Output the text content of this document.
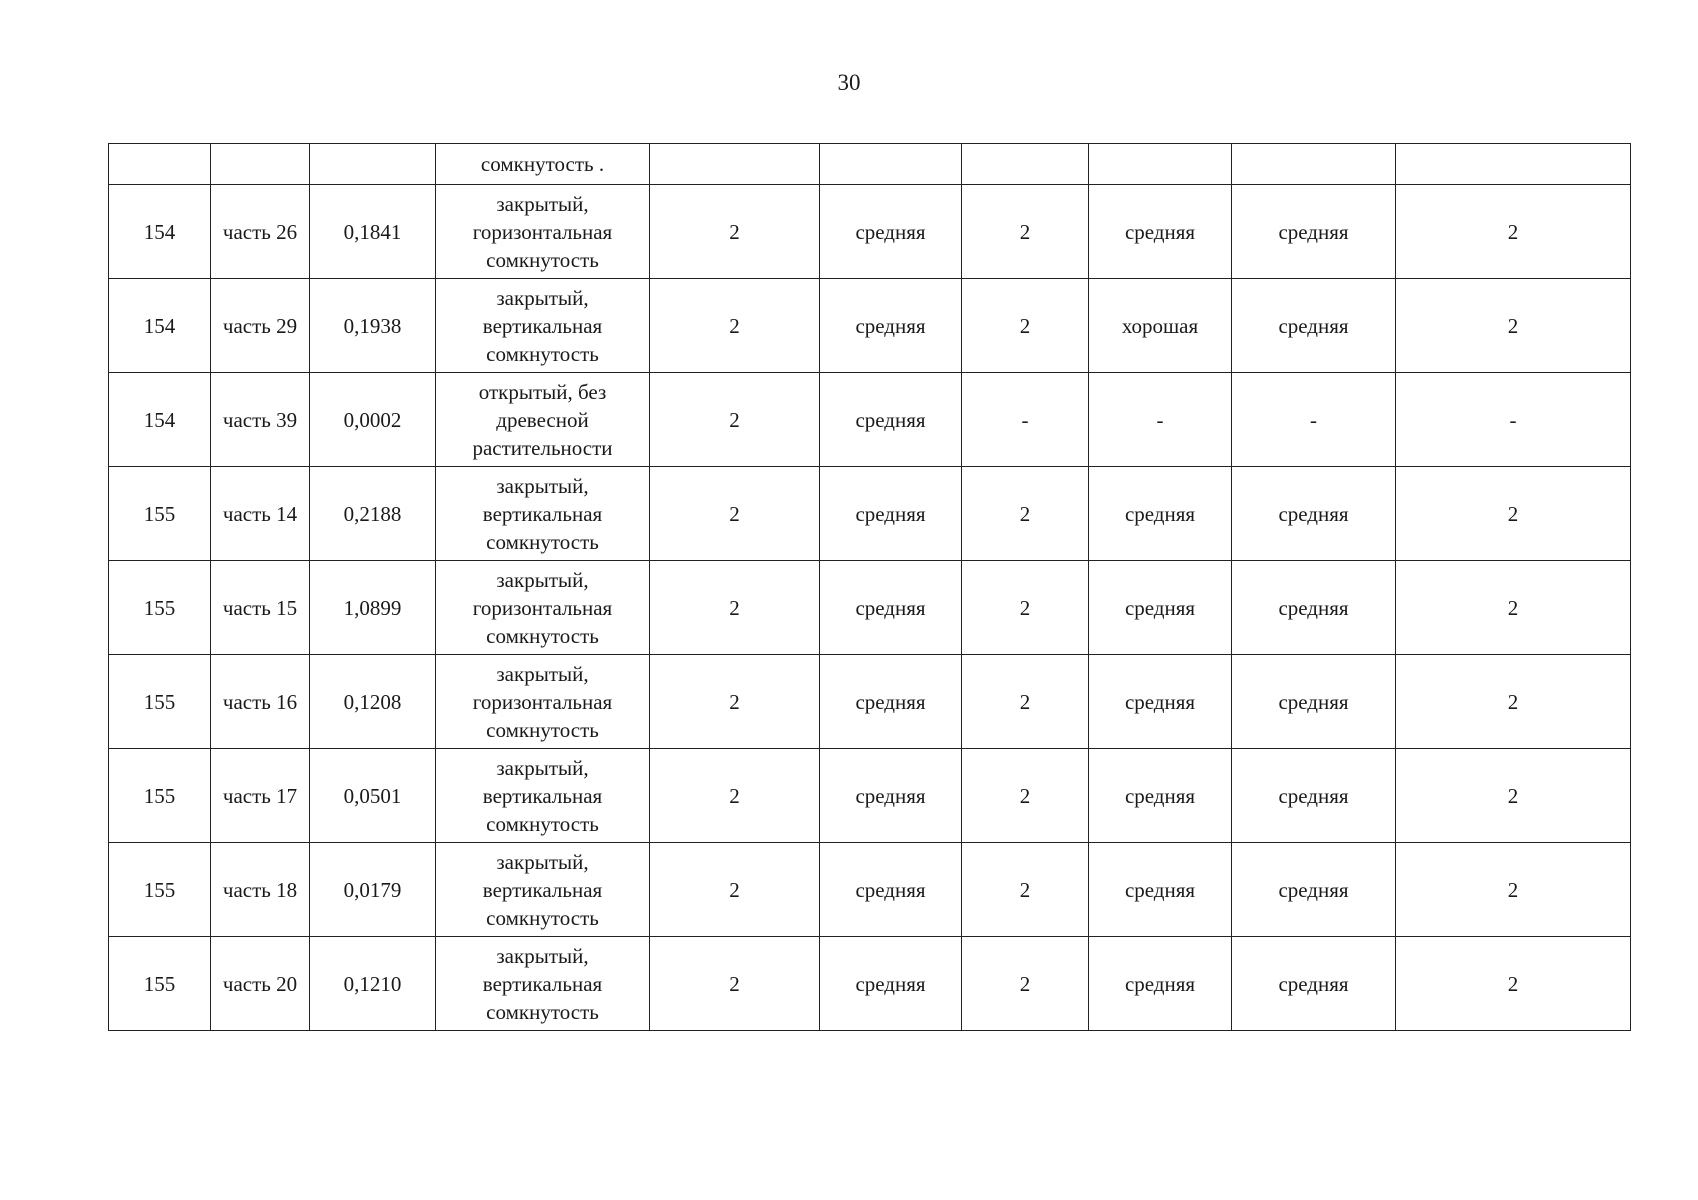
30
			сомкнутость .						
154	часть 26	0,1841	закрытый, горизонтальная сомкнутость	2	средняя	2	средняя	средняя	2
154	часть 29	0,1938	закрытый, вертикальная сомкнутость	2	средняя	2	хорошая	средняя	2
154	часть 39	0,0002	открытый, без древесной растительности	2	средняя	-	-	-	-
155	часть 14	0,2188	закрытый, вертикальная сомкнутость	2	средняя	2	средняя	средняя	2
155	часть 15	1,0899	закрытый, горизонтальная сомкнутость	2	средняя	2	средняя	средняя	2
155	часть 16	0,1208	закрытый, горизонтальная сомкнутость	2	средняя	2	средняя	средняя	2
155	часть 17	0,0501	закрытый, вертикальная сомкнутость	2	средняя	2	средняя	средняя	2
155	часть 18	0,0179	закрытый, вертикальная сомкнутость	2	средняя	2	средняя	средняя	2
155	часть 20	0,1210	закрытый, вертикальная сомкнутость	2	средняя	2	средняя	средняя	2
